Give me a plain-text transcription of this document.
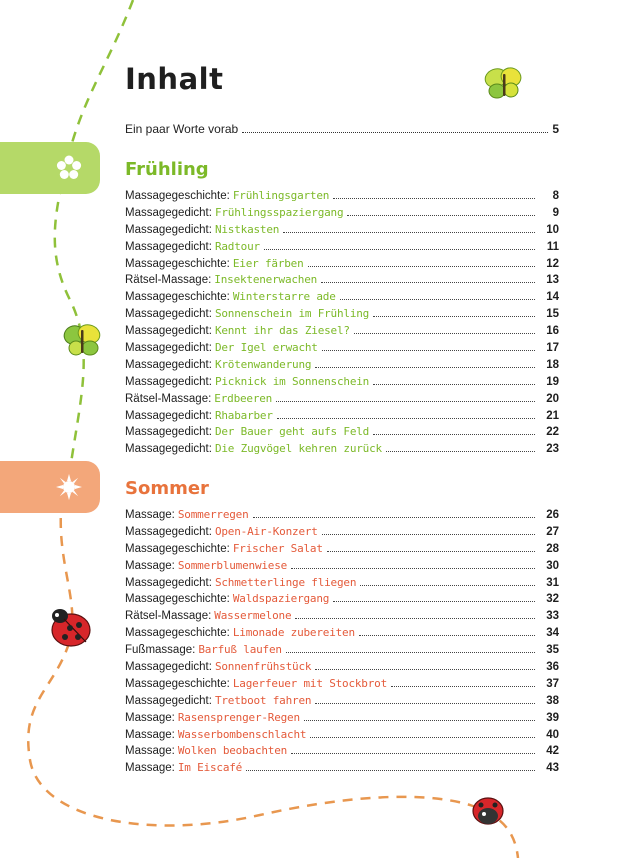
Inhalt
Ein paar Worte vorab	5
Frühling
Massagegeschichte : Frühlingsgarten	8
Massagegedicht : Frühlingsspaziergang	9
Massagegedicht : Nistkasten	10
Massagegedicht : Radtour	11
Massagegeschichte : Eier färben	12
Rätsel-Massage : Insektenerwachen	13
Massagegeschichte : Winterstarre ade	14
Massagegedicht : Sonnenschein im Frühling	15
Massagegedicht : Kennt ihr das Ziesel?	16
Massagegedicht : Der Igel erwacht	17
Massagegedicht : Krötenwanderung	18
Massagegedicht : Picknick im Sonnenschein	19
Rätsel-Massage : Erdbeeren	20
Massagegedicht : Rhabarber	21
Massagegedicht : Der Bauer geht aufs Feld	22
Massagegedicht : Die Zugvögel kehren zurück	23
Sommer
Massage : Sommerregen	26
Massagegedicht : Open-Air-Konzert	27
Massagegeschichte : Frischer Salat	28
Massage : Sommerblumenwiese	30
Massagegedicht : Schmetterlinge fliegen	31
Massagegeschichte : Waldspaziergang	32
Rätsel-Massage : Wassermelone	33
Massagegeschichte : Limonade zubereiten	34
Fußmassage : Barfuß laufen	35
Massagegedicht : Sonnenfrühstück	36
Massagegeschichte : Lagerfeuer mit Stockbrot	37
Massagegedicht : Tretboot fahren	38
Massage : Rasensprenger-Regen	39
Massage : Wasserbombenschlacht	40
Massage : Wolken beobachten	42
Massage : Im Eiscafé	43
